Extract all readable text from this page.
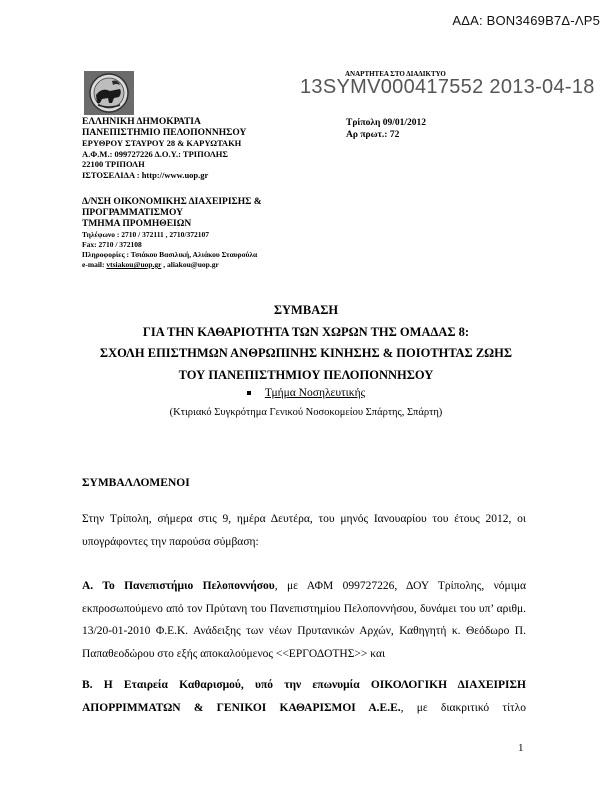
ΑΔΑ: ΒΟΝ3469Β7Δ-ΛΡ5
ΑΝΑΡΤΗΤΕΑ ΣΤΟ ΔΙΑΔΙΚΤΥΟ
13SYMV000417552 2013-04-18
ΕΛΛΗΝΙΚΗ ΔΗΜΟΚΡΑΤΙΑ
ΠΑΝΕΠΙΣΤΗΜΙΟ ΠΕΛΟΠΟΝΝΗΣΟΥ
ΕΡΥΘΡΟΥ ΣΤΑΥΡΟΥ 28 & ΚΑΡΥΩΤΑΚΗ
Α.Φ.Μ.: 099727226 Δ.Ο.Υ.: ΤΡΙΠΟΛΗΣ
22100 ΤΡΙΠΟΛΗ
ΙΣΤΟΣΕΛΙΔΑ : http://www.uop.gr
Τρίπολη 09/01/2012
Αρ πρωτ.: 72
Δ/ΝΣΗ ΟΙΚΟΝΟΜΙΚΗΣ ΔΙΑΧΕΙΡΙΣΗΣ &
ΠΡΟΓΡΑΜΜΑΤΙΣΜΟΥ
ΤΜΗΜΑ ΠΡΟΜΗΘΕΙΩΝ
Τηλέφωνο : 2710 / 372111 , 2710/372107
Fax: 2710 / 372108
Πληροφορίες : Τσιάκου Βασιλική, Αλιάκου Σταυρούλα
e-mail: vtsiakou@uop.gr , aliakou@uop.gr
ΣΥΜΒΑΣΗ
ΓΙΑ ΤΗΝ ΚΑΘΑΡΙΟΤΗΤΑ ΤΩΝ ΧΩΡΩΝ ΤΗΣ ΟΜΑΔΑΣ 8:
ΣΧΟΛΗ ΕΠΙΣΤΗΜΩΝ ΑΝΘΡΩΠΙΝΗΣ ΚΙΝΗΣΗΣ & ΠΟΙΟΤΗΤΑΣ ΖΩΗΣ
ΤΟΥ ΠΑΝΕΠΙΣΤΗΜΙΟΥ ΠΕΛΟΠΟΝΝΗΣΟΥ
Τμήμα Νοσηλευτικής
(Κτιριακό Συγκρότημα Γενικού Νοσοκομείου Σπάρτης, Σπάρτη)
ΣΥΜΒΑΛΛΟΜΕΝΟΙ
Στην Τρίπολη, σήμερα στις 9, ημέρα Δευτέρα, του μηνός Ιανουαρίου του έτους 2012, οι υπογράφοντες την παρούσα σύμβαση:
Α. Το Πανεπιστήμιο Πελοποννήσου, με ΑΦΜ 099727226, ΔΟΥ Τρίπολης, νόμιμα εκπροσωπούμενο από τον Πρύτανη του Πανεπιστημίου Πελοποννήσου, δυνάμει του υπ’ αριθμ. 13/20-01-2010 Φ.Ε.Κ. Ανάδειξης των νέων Πρυτανικών Αρχών, Καθηγητή κ. Θεόδωρο Π. Παπαθεοδώρου στο εξής αποκαλούμενος <<ΕΡΓΟΔΟΤΗΣ>> και
Β. Η Εταιρεία Καθαρισμού, υπό την επωνυμία ΟΙΚΟΛΟΓΙΚΗ ΔΙΑΧΕΙΡΙΣΗ ΑΠΟΡΡΙΜΜΑΤΩΝ & ΓΕΝΙΚΟΙ ΚΑΘΑΡΙΣΜΟΙ Α.Ε.Ε., με διακριτικό τίτλο
1
